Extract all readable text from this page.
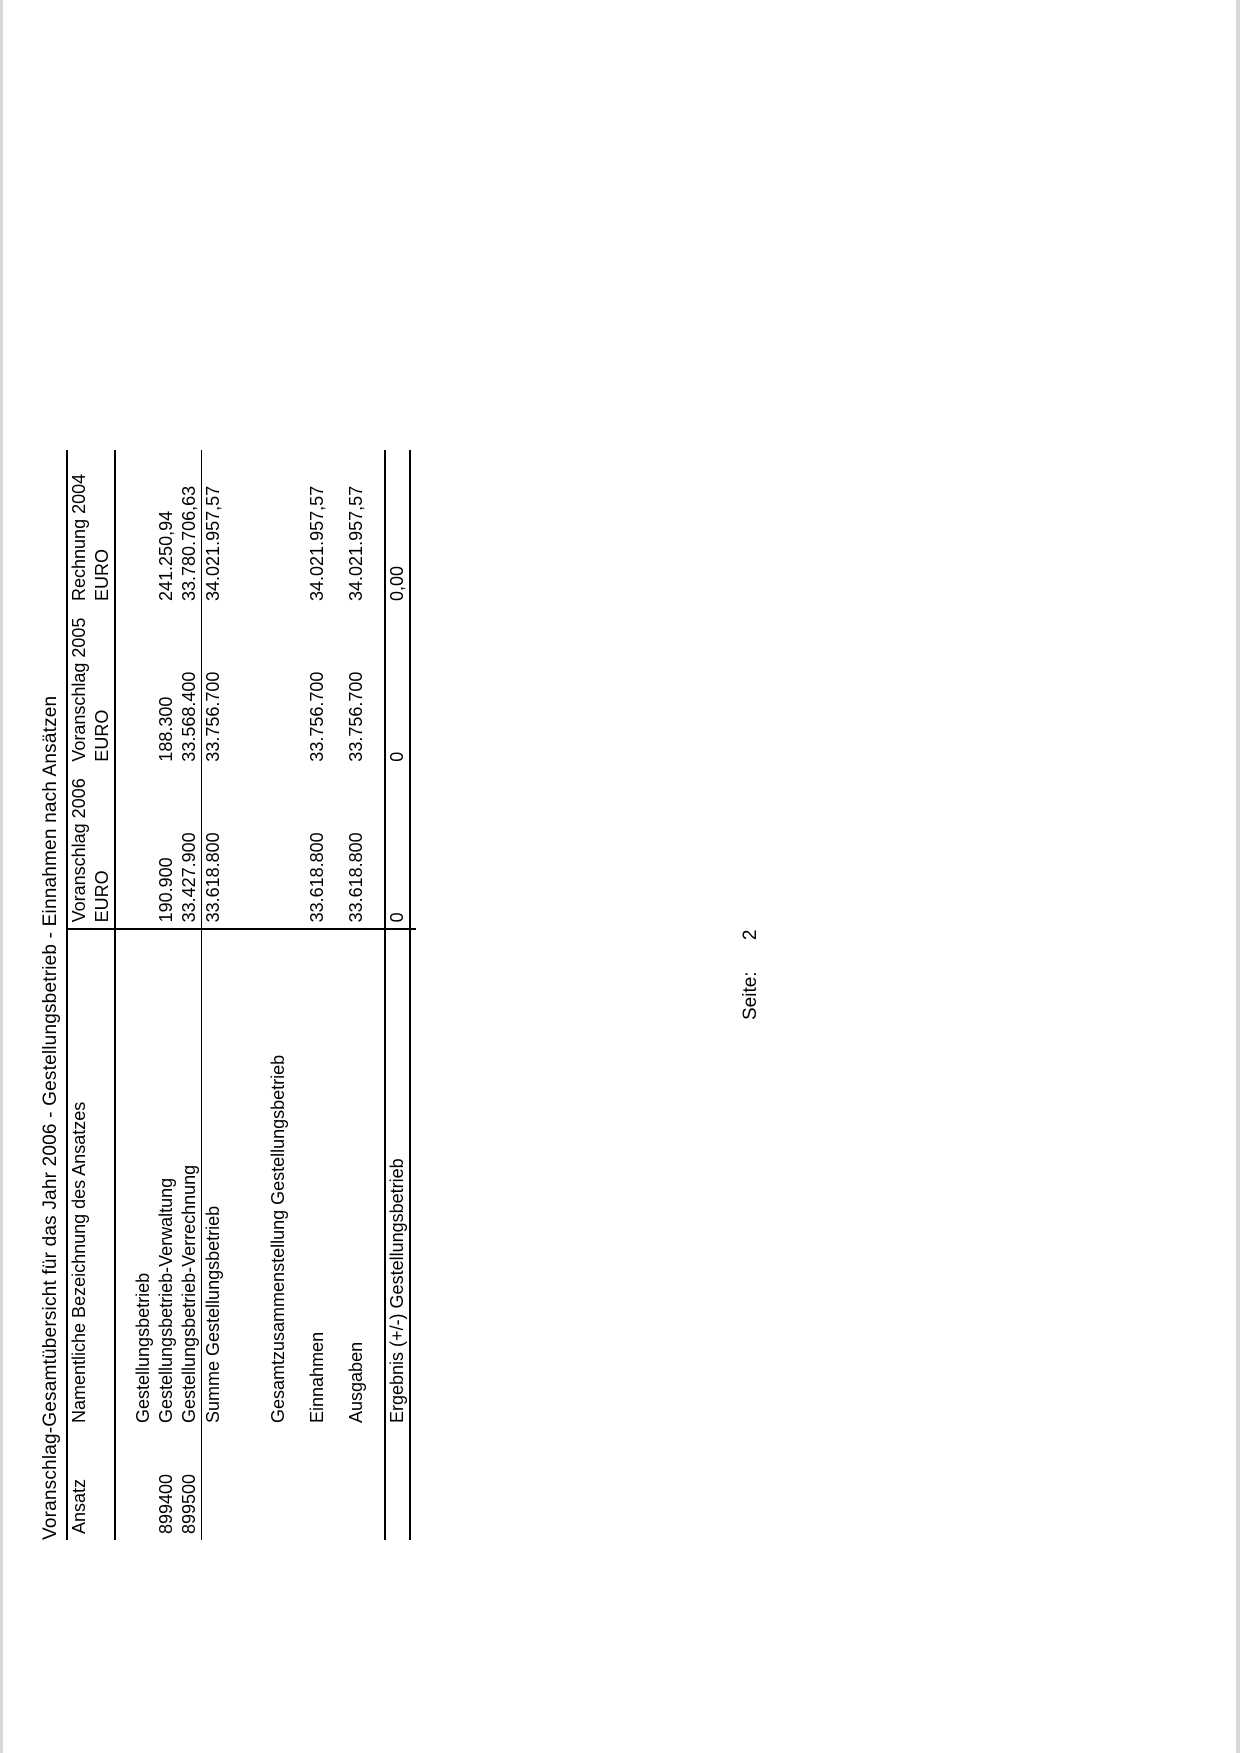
Voranschlag-Gesamtübersicht für das Jahr 2006 - Gestellungsbetrieb - Einnahmen nach Ansätzen Ansatz	Namentliche Bezeichnung des Ansatzes	Voranschlag 2006	Voranschlag 2005	Rechnung 2004
		EURO	EURO	EURO

	Gestellungsbetrieb			
899400	Gestellungsbetrieb-Verwaltung	190.900	188.300	241.250,94
899500	Gestellungsbetrieb-Verrechnung	33.427.900	33.568.400	33.780.706,63
	Summe Gestellungsbetrieb	33.618.800	33.756.700	34.021.957,57

	Gesamtzusammenstellung Gestellungsbetrieb			

	Einnahmen	33.618.800	33.756.700	34.021.957,57

	Ausgaben	33.618.800	33.756.700	34.021.957,57

	Ergebnis (+/-) Gestellungsbetrieb	0	0	0,00

Seite: 2
